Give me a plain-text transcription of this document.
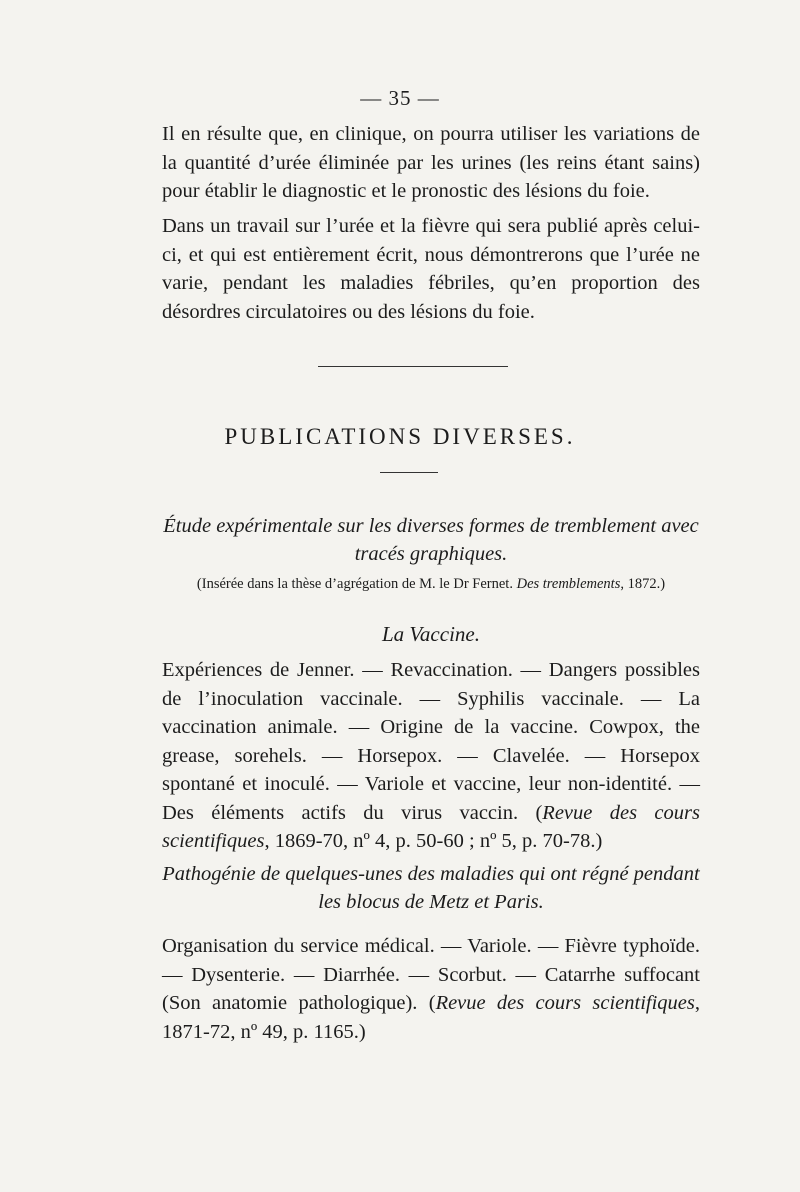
— 35 —

Il en résulte que, en clinique, on pourra utiliser les variations de la quantité d’urée éliminée par les urines (les reins étant sains) pour établir le diagnostic et le pronostic des lésions du foie.

Dans un travail sur l’urée et la fièvre qui sera publié après celui-ci, et qui est entièrement écrit, nous démontrerons que l’urée ne varie, pendant les maladies fébriles, qu’en proportion des désordres circulatoires ou des lésions du foie.

PUBLICATIONS DIVERSES.
Étude expérimentale sur les diverses formes de tremblement avec tracés graphiques.
(Insérée dans la thèse d’agrégation de M. le Dr Fernet. Des tremblements, 1872.)
La Vaccine.

Expériences de Jenner. — Revaccination. — Dangers possibles de l’inoculation vaccinale. — Syphilis vaccinale. — La vaccination animale. — Origine de la vaccine. Cowpox, the grease, sorehels. — Horsepox. — Clavelée. — Horsepox spontané et inoculé. — Variole et vaccine, leur non-identité. — Des éléments actifs du virus vaccin. (Revue des cours scientifiques, 1869-70, nº 4, p. 50-60 ; nº 5, p. 70-78.)

Pathogénie de quelques-unes des maladies qui ont régné pendant les blocus de Metz et Paris.

Organisation du service médical. — Variole. — Fièvre typhoïde. — Dysenterie. — Diarrhée. — Scorbut. — Catarrhe suffocant (Son anatomie pathologique). (Revue des cours scientifiques, 1871-72, nº 49, p. 1165.)
